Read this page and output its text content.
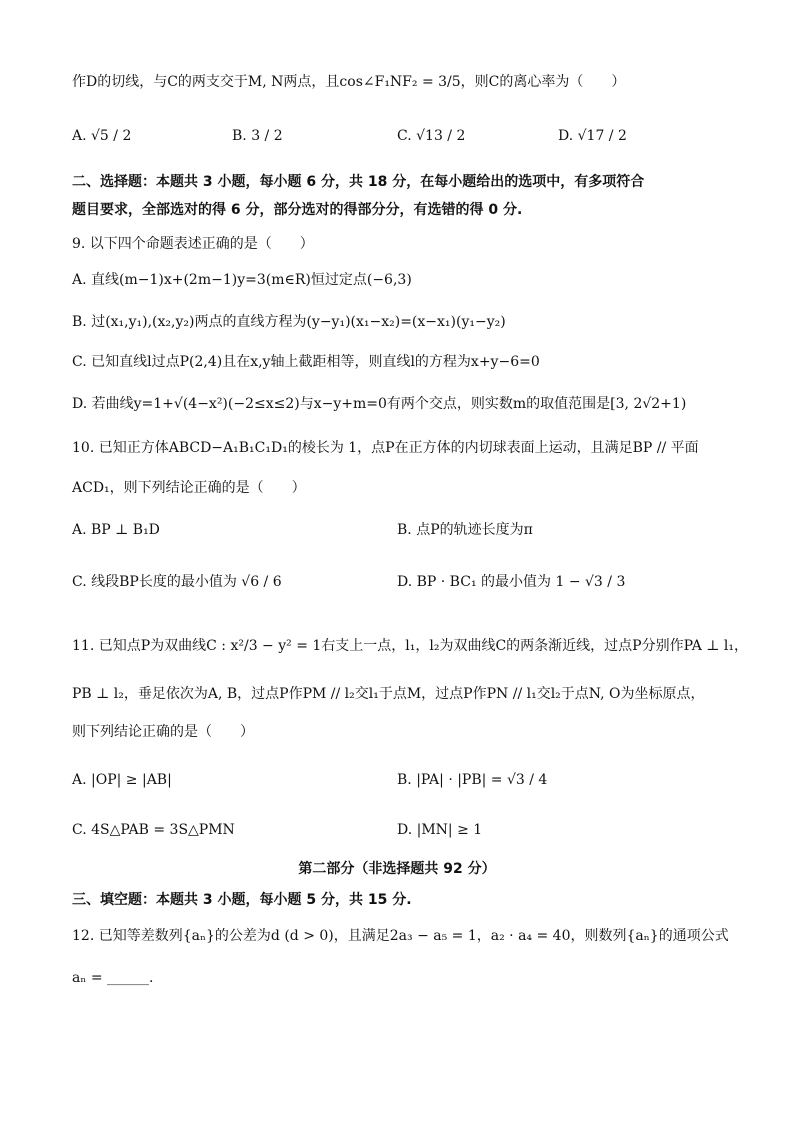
作D的切线，与C的两支交于M, N两点，且cos∠F₁NF₂ = 3/5，则C的离心率为（　　）
A. √5 / 2	B. 3 / 2	C. √13 / 2	D. √17 / 2
二、选择题：本题共 3 小题，每小题 6 分，共 18 分，在每小题给出的选项中，有多项符合
题目要求，全部选对的得 6 分，部分选对的得部分分，有选错的得 0 分.
9. 以下四个命题表述正确的是（　　）
A. 直线(m−1)x+(2m−1)y=3(m∈R)恒过定点(−6,3)
B. 过(x₁,y₁),(x₂,y₂)两点的直线方程为(y−y₁)(x₁−x₂)=(x−x₁)(y₁−y₂)
C. 已知直线l过点P(2,4)且在x,y轴上截距相等，则直线l的方程为x+y−6=0
D. 若曲线y=1+√(4−x²)(−2≤x≤2)与x−y+m=0有两个交点，则实数m的取值范围是[3, 2√2+1)
10. 已知正方体ABCD−A₁B₁C₁D₁的棱长为 1，点P在正方体的内切球表面上运动，且满足BP // 平面
ACD₁，则下列结论正确的是（　　）
A. BP ⊥ B₁D	B. 点P的轨迹长度为π
C. 线段BP长度的最小值为 √6 / 6	D. BP · BC₁ 的最小值为 1 − √3 / 3
11. 已知点P为双曲线C : x²/3 − y² = 1右支上一点，l₁，l₂为双曲线C的两条渐近线，过点P分别作PA ⊥ l₁，
PB ⊥ l₂，垂足依次为A, B，过点P作PM // l₂交l₁于点M，过点P作PN // l₁交l₂于点N, O为坐标原点，
则下列结论正确的是（　　）
A. |OP| ≥ |AB|	B. |PA| · |PB| = √3 / 4
C. 4S△PAB = 3S△PMN	D. |MN| ≥ 1
第二部分（非选择题共 92 分）
三、填空题：本题共 3 小题，每小题 5 分，共 15 分.
12. 已知等差数列{aₙ}的公差为d (d > 0)，且满足2a₃ − a₅ = 1，a₂ · a₄ = 40，则数列{aₙ}的通项公式
aₙ = ______.
